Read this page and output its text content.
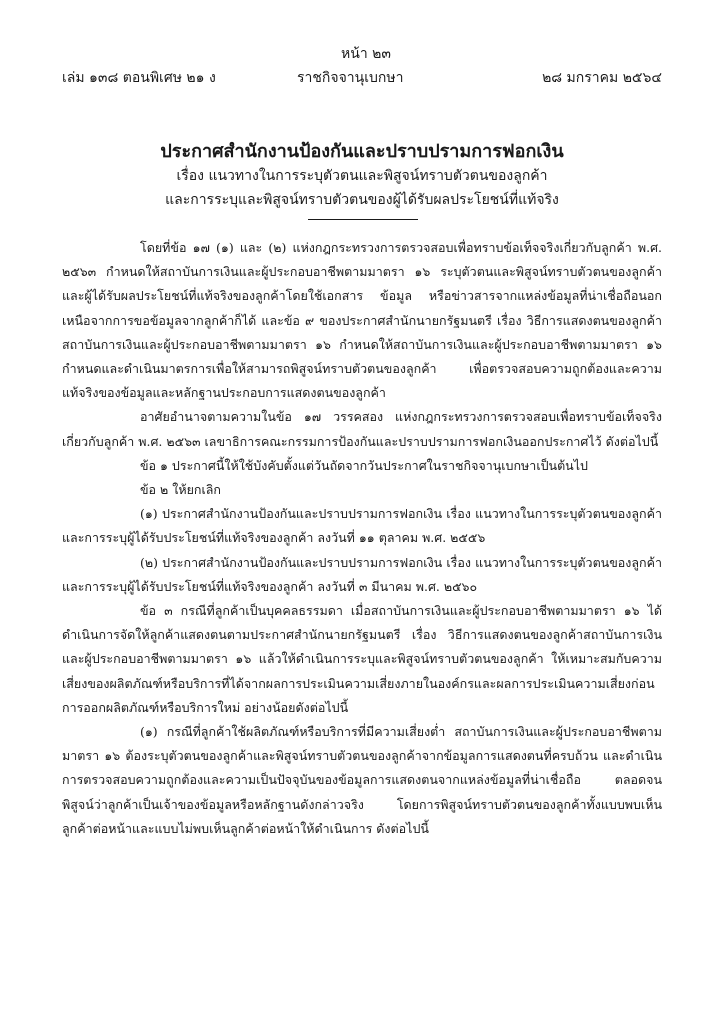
หน้า ๒๓
เล่ม ๑๓๘ ตอนพิเศษ ๒๑ ง	ราชกิจจานุเบกษา	๒๘ มกราคม ๒๕๖๔
ประกาศสำนักงานป้องกันและปราบปรามการฟอกเงิน
เรื่อง แนวทางในการระบุตัวตนและพิสูจน์ทราบตัวตนของลูกค้า
และการระบุและพิสูจน์ทราบตัวตนของผู้ได้รับผลประโยชน์ที่แท้จริง

โดยที่ข้อ ๑๗ (๑) และ (๒) แห่งกฎกระทรวงการตรวจสอบเพื่อทราบข้อเท็จจริงเกี่ยวกับลูกค้า พ.ศ. ๒๕๖๓ กำหนดให้สถาบันการเงินและผู้ประกอบอาชีพตามมาตรา ๑๖ ระบุตัวตนและพิสูจน์ทราบตัวตนของลูกค้าและผู้ได้รับผลประโยชน์ที่แท้จริงของลูกค้าโดยใช้เอกสาร ข้อมูล หรือข่าวสารจากแหล่งข้อมูลที่น่าเชื่อถือนอกเหนือจากการขอข้อมูลจากลูกค้าก็ได้ และข้อ ๙ ของประกาศสำนักนายกรัฐมนตรี เรื่อง วิธีการแสดงตนของลูกค้าสถาบันการเงินและผู้ประกอบอาชีพตามมาตรา ๑๖ กำหนดให้สถาบันการเงินและผู้ประกอบอาชีพตามมาตรา ๑๖ กำหนดและดำเนินมาตรการเพื่อให้สามารถพิสูจน์ทราบตัวตนของลูกค้า เพื่อตรวจสอบความถูกต้องและความแท้จริงของข้อมูลและหลักฐานประกอบการแสดงตนของลูกค้า

อาศัยอำนาจตามความในข้อ ๑๗ วรรคสอง แห่งกฎกระทรวงการตรวจสอบเพื่อทราบข้อเท็จจริงเกี่ยวกับลูกค้า พ.ศ. ๒๕๖๓ เลขาธิการคณะกรรมการป้องกันและปราบปรามการฟอกเงินออกประกาศไว้ ดังต่อไปนี้

ข้อ ๑ ประกาศนี้ให้ใช้บังคับตั้งแต่วันถัดจากวันประกาศในราชกิจจานุเบกษาเป็นต้นไป

ข้อ ๒ ให้ยกเลิก

(๑) ประกาศสำนักงานป้องกันและปราบปรามการฟอกเงิน เรื่อง แนวทางในการระบุตัวตนของลูกค้าและการระบุผู้ได้รับประโยชน์ที่แท้จริงของลูกค้า ลงวันที่ ๑๑ ตุลาคม พ.ศ. ๒๕๕๖

(๒) ประกาศสำนักงานป้องกันและปราบปรามการฟอกเงิน เรื่อง แนวทางในการระบุตัวตนของลูกค้าและการระบุผู้ได้รับประโยชน์ที่แท้จริงของลูกค้า ลงวันที่ ๓ มีนาคม พ.ศ. ๒๕๖๐

ข้อ ๓ กรณีที่ลูกค้าเป็นบุคคลธรรมดา เมื่อสถาบันการเงินและผู้ประกอบอาชีพตามมาตรา ๑๖ ได้ดำเนินการจัดให้ลูกค้าแสดงตนตามประกาศสำนักนายกรัฐมนตรี เรื่อง วิธีการแสดงตนของลูกค้าสถาบันการเงินและผู้ประกอบอาชีพตามมาตรา ๑๖ แล้วให้ดำเนินการระบุและพิสูจน์ทราบตัวตนของลูกค้า ให้เหมาะสมกับความเสี่ยงของผลิตภัณฑ์หรือบริการที่ได้จากผลการประเมินความเสี่ยงภายในองค์กรและผลการประเมินความเสี่ยงก่อนการออกผลิตภัณฑ์หรือบริการใหม่ อย่างน้อยดังต่อไปนี้

(๑) กรณีที่ลูกค้าใช้ผลิตภัณฑ์หรือบริการที่มีความเสี่ยงต่ำ สถาบันการเงินและผู้ประกอบอาชีพตามมาตรา ๑๖ ต้องระบุตัวตนของลูกค้าและพิสูจน์ทราบตัวตนของลูกค้าจากข้อมูลการแสดงตนที่ครบถ้วน และดำเนินการตรวจสอบความถูกต้องและความเป็นปัจจุบันของข้อมูลการแสดงตนจากแหล่งข้อมูลที่น่าเชื่อถือ ตลอดจนพิสูจน์ว่าลูกค้าเป็นเจ้าของข้อมูลหรือหลักฐานดังกล่าวจริง โดยการพิสูจน์ทราบตัวตนของลูกค้าทั้งแบบพบเห็นลูกค้าต่อหน้าและแบบไม่พบเห็นลูกค้าต่อหน้าให้ดำเนินการ ดังต่อไปนี้
